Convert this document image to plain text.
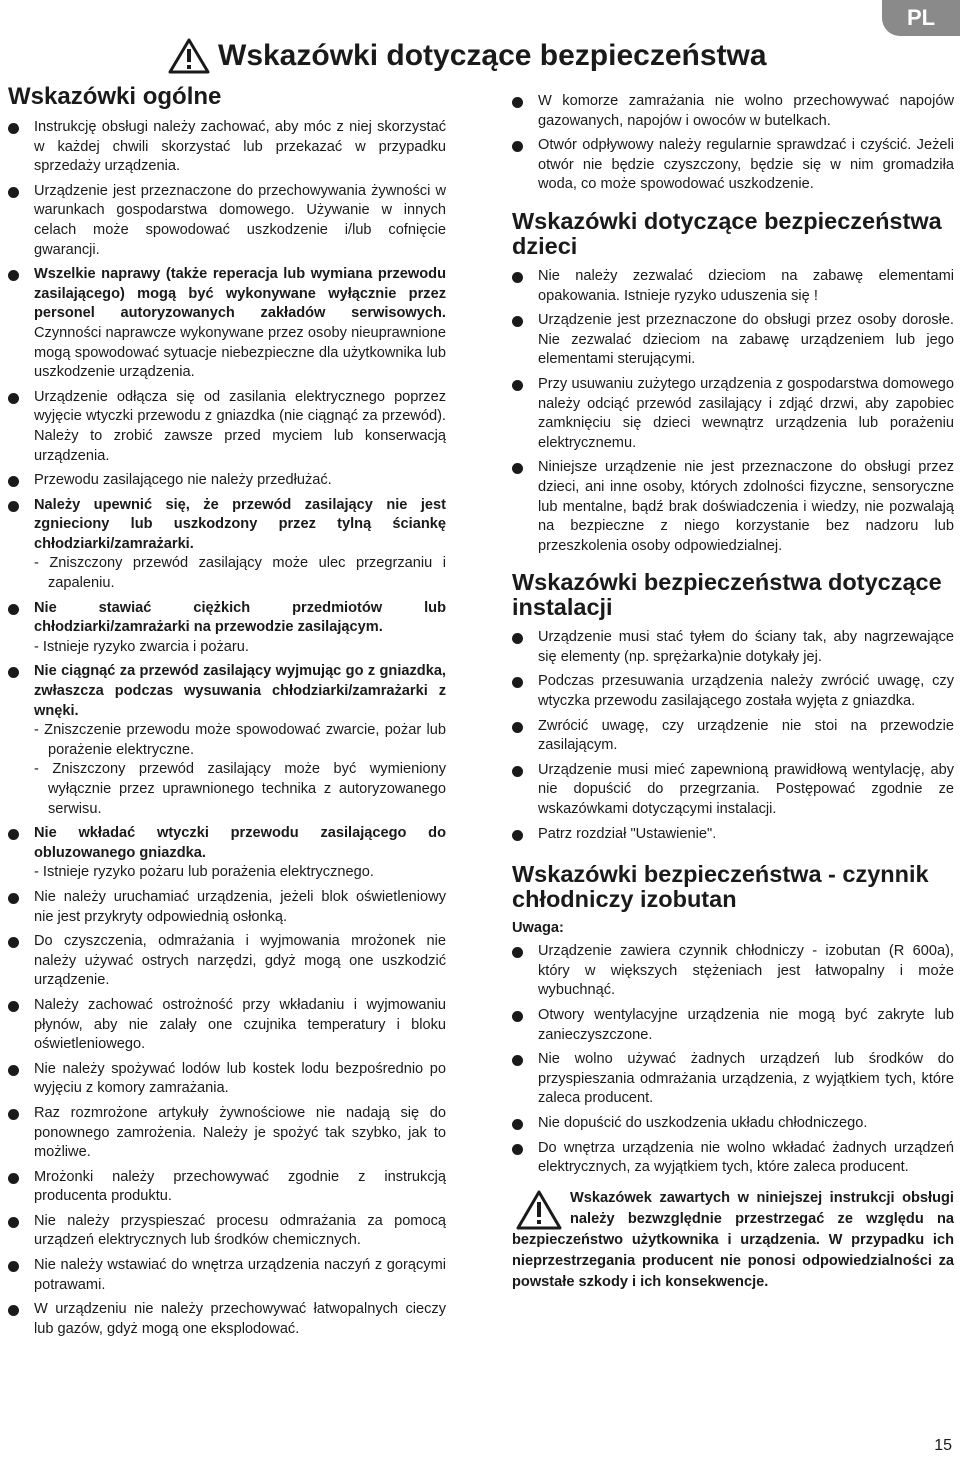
PL
Wskazówki dotyczące bezpieczeństwa
Wskazówki ogólne
Instrukcję obsługi należy zachować, aby móc z niej skorzystać w każdej chwili skorzystać lub przekazać w przypadku sprzedaży urządzenia.
Urządzenie jest przeznaczone do przechowywania żywności w warunkach gospodarstwa domowego. Używanie w innych celach może spowodować uszkodzenie i/lub cofnięcie gwarancji.
Wszelkie naprawy (także reperacja lub wymiana przewodu zasilającego) mogą być wykonywane wyłącznie przez personel autoryzowanych zakładów serwisowych. Czynności naprawcze wykonywane przez osoby nieuprawnione mogą spowodować sytuacje niebezpieczne dla użytkownika lub uszkodzenie urządzenia.
Urządzenie odłącza się od zasilania elektrycznego poprzez wyjęcie wtyczki przewodu z gniazdka (nie ciągnąć za przewód). Należy to zrobić zawsze przed myciem lub konserwacją urządzenia.
Przewodu zasilającego nie należy przedłużać.
Należy upewnić się, że przewód zasilający nie jest zgnieciony lub uszkodzony przez tylną ściankę chłodziarki/zamrażarki.
- Zniszczony przewód zasilający może ulec przegrzaniu i zapaleniu.
Nie stawiać ciężkich przedmiotów lub chłodziarki/zamrażarki na przewodzie zasilającym.
- Istnieje ryzyko zwarcia i pożaru.
Nie ciągnąć za przewód zasilający wyjmując go z gniazdka, zwłaszcza podczas wysuwania chłodziarki/zamrażarki z wnęki.
- Zniszczenie przewodu może spowodować zwarcie, pożar lub porażenie elektryczne.
- Zniszczony przewód zasilający może być wymieniony wyłącznie przez uprawnionego technika z autoryzowanego serwisu.
Nie wkładać wtyczki przewodu zasilającego do obluzowanego gniazdka.
- Istnieje ryzyko pożaru lub porażenia elektrycznego.
Nie należy uruchamiać urządzenia, jeżeli blok oświetleniowy nie jest przykryty odpowiednią osłonką.
Do czyszczenia, odmrażania i wyjmowania mrożonek nie należy używać ostrych narzędzi, gdyż mogą one uszkodzić urządzenie.
Należy zachować ostrożność przy wkładaniu i wyjmowaniu płynów, aby nie zalały one czujnika temperatury i bloku oświetleniowego.
Nie należy spożywać lodów lub kostek lodu bezpośrednio po wyjęciu z komory zamrażania.
Raz rozmrożone artykuły żywnościowe nie nadają się do ponownego zamrożenia. Należy je spożyć tak szybko, jak to możliwe.
Mrożonki należy przechowywać zgodnie z instrukcją producenta produktu.
Nie należy przyspieszać procesu odmrażania za pomocą urządzeń elektrycznych lub środków chemicznych.
Nie należy wstawiać do wnętrza urządzenia naczyń z gorącymi potrawami.
W urządzeniu nie należy przechowywać łatwopalnych cieczy lub gazów, gdyż mogą one eksplodować.
W komorze zamrażania nie wolno przechowywać napojów gazowanych, napojów i owoców w butelkach.
Otwór odpływowy należy regularnie sprawdzać i czyścić. Jeżeli otwór nie będzie czyszczony, będzie się w nim gromadziła woda, co może spowodować uszkodzenie.
Wskazówki dotyczące bezpieczeństwa dzieci
Nie należy zezwalać dzieciom na zabawę elementami opakowania. Istnieje ryzyko uduszenia się !
Urządzenie jest przeznaczone do obsługi przez osoby dorosłe. Nie zezwalać dzieciom na zabawę urządzeniem lub jego elementami sterującymi.
Przy usuwaniu zużytego urządzenia z gospodarstwa domowego należy odciąć przewód zasilający i zdjąć drzwi, aby zapobiec zamknięciu się dzieci wewnątrz urządzenia lub porażeniu elektrycznemu.
Niniejsze urządzenie nie jest przeznaczone do obsługi przez dzieci, ani inne osoby, których zdolności fizyczne, sensoryczne lub mentalne, bądź brak doświadczenia i wiedzy, nie pozwalają na bezpieczne z niego korzystanie bez nadzoru lub przeszkolenia osoby odpowiedzialnej.
Wskazówki bezpieczeństwa dotyczące instalacji
Urządzenie musi stać tyłem do ściany tak, aby nagrzewające się elementy (np. sprężarka)nie dotykały jej.
Podczas przesuwania urządzenia należy zwrócić uwagę, czy wtyczka przewodu zasilającego została wyjęta z gniazdka.
Zwrócić uwagę, czy urządzenie nie stoi na przewodzie zasilającym.
Urządzenie musi mieć zapewnioną prawidłową wentylację, aby nie dopuścić do przegrzania. Postępować zgodnie ze wskazówkami dotyczącymi instalacji.
Patrz rozdział "Ustawienie".
Wskazówki bezpieczeństwa - czynnik chłodniczy izobutan
Uwaga:
Urządzenie zawiera czynnik chłodniczy - izobutan (R 600a), który w większych stężeniach jest łatwopalny i może wybuchnąć.
Otwory wentylacyjne urządzenia nie mogą być zakryte lub zanieczyszczone.
Nie wolno używać żadnych urządzeń lub środków do przyspieszania odmrażania urządzenia, z wyjątkiem tych, które zaleca producent.
Nie dopuścić do uszkodzenia układu chłodniczego.
Do wnętrza urządzenia nie wolno wkładać żadnych urządzeń elektrycznych, za wyjątkiem tych, które zaleca producent.
Wskazówek zawartych w niniejszej instrukcji obsługi należy bezwzględnie przestrzegać ze względu na bezpieczeństwo użytkownika i urządzenia. W przypadku ich nieprzestrzegania producent nie ponosi odpowiedzialności za powstałe szkody i ich konsekwencje.
15
